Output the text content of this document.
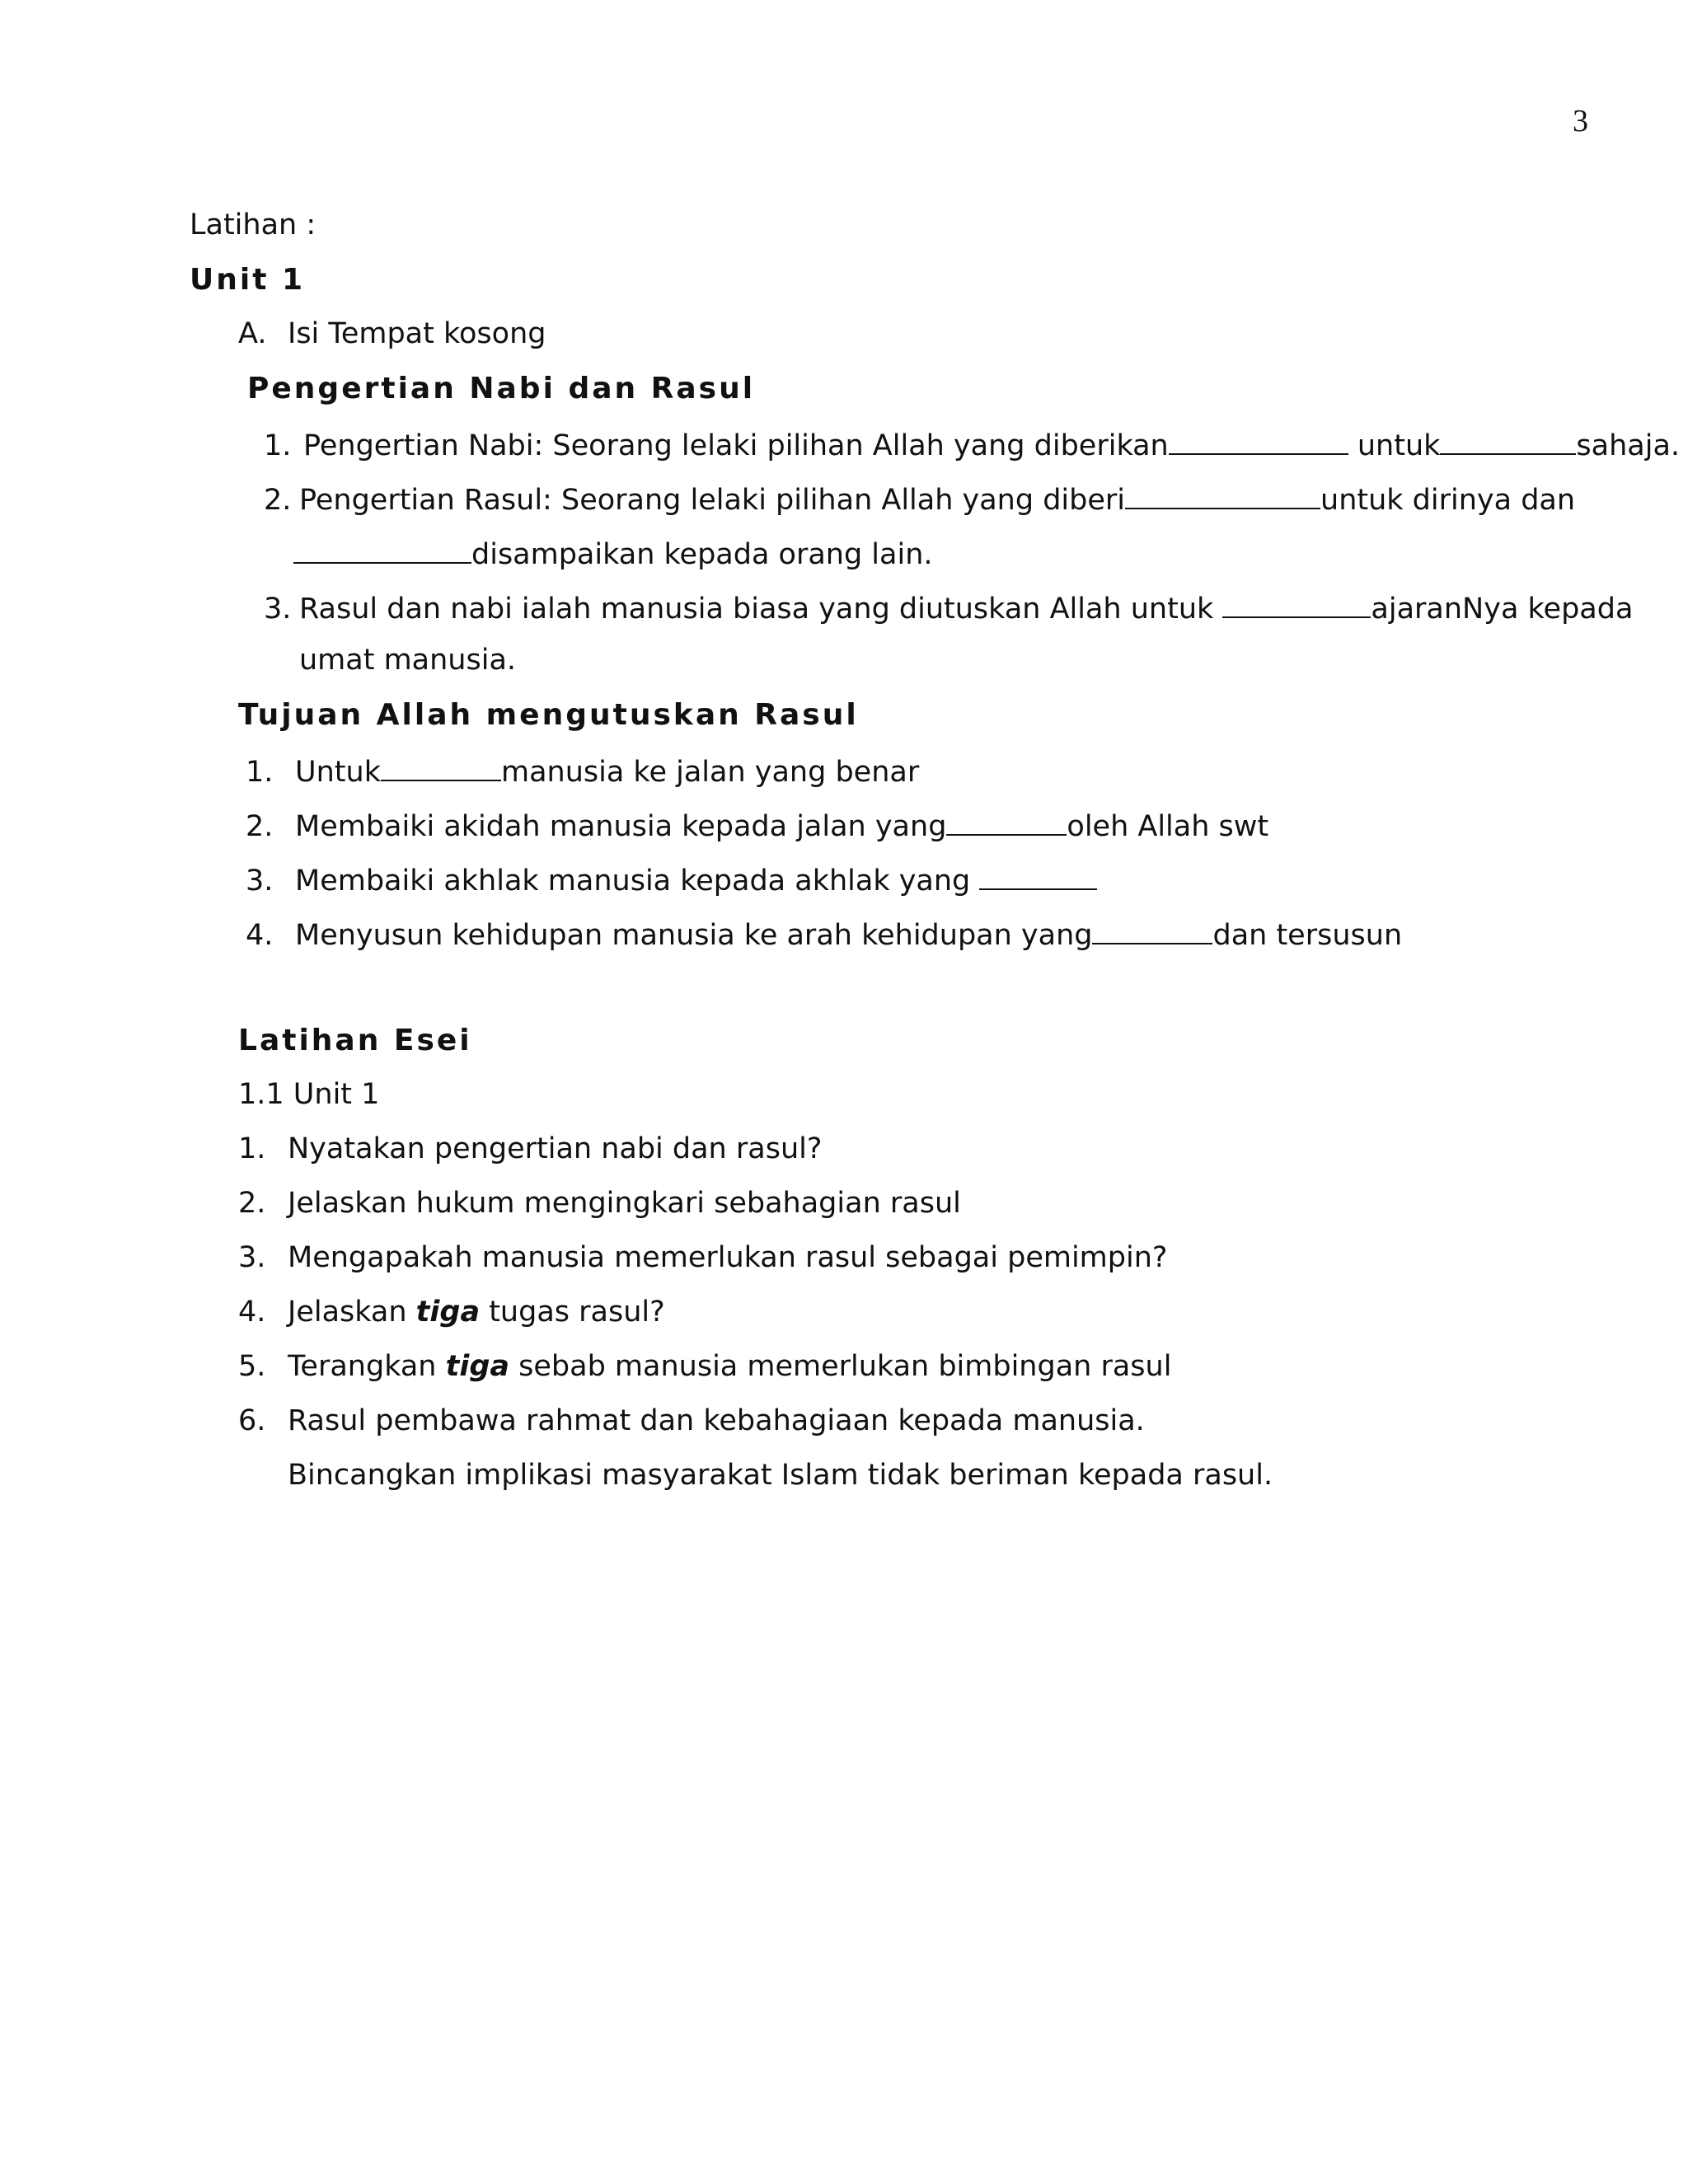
3
Latihan :
Unit 1
A. Isi Tempat kosong
Pengertian Nabi dan Rasul
1. Pengertian Nabi: Seorang lelaki pilihan Allah yang diberikan	untuk	sahaja.
2. Pengertian Rasul: Seorang lelaki pilihan Allah yang diberi	untuk dirinya dan
disampaikan kepada orang lain.
3. Rasul dan nabi ialah manusia biasa yang diutuskan Allah untuk	ajaranNya kepada
umat manusia.
Tujuan Allah mengutuskan Rasul
1. Untuk	manusia ke jalan yang benar
2. Membaiki akidah manusia kepada jalan yang	oleh Allah swt
3. Membaiki akhlak manusia kepada akhlak yang
4. Menyusun kehidupan manusia ke arah kehidupan yang	dan tersusun
Latihan Esei
1.1 Unit 1
1. Nyatakan pengertian nabi dan rasul?
2. Jelaskan hukum mengingkari sebahagian rasul
3. Mengapakah manusia memerlukan rasul sebagai pemimpin?
4. Jelaskan tiga tugas rasul?
5. Terangkan tiga sebab manusia memerlukan bimbingan rasul
6. Rasul pembawa rahmat dan kebahagiaan kepada manusia.
Bincangkan implikasi masyarakat Islam tidak beriman kepada rasul.
